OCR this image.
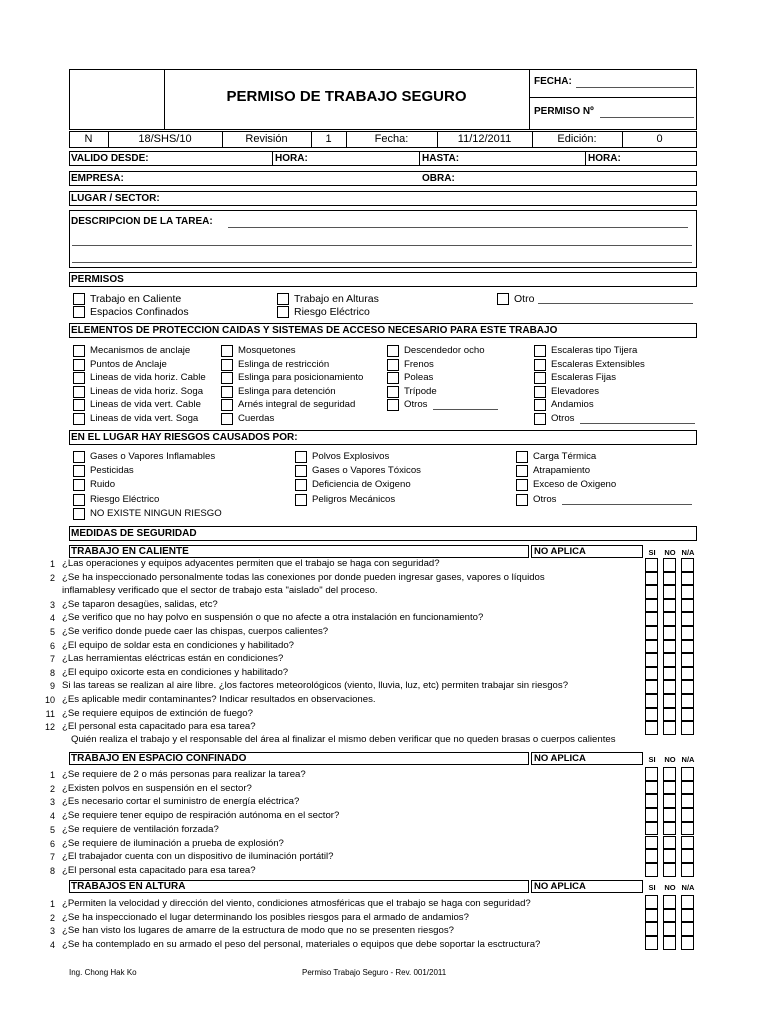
PERMISO DE TRABAJO SEGURO
FECHA:
PERMISO Nº
N	18/SHS/10	Revisión	1	Fecha:	11/12/2011	Edición:	0
VALIDO DESDE:	HORA:	HASTA:	HORA:
EMPRESA:	OBRA:
LUGAR / SECTOR:
DESCRIPCION DE LA TAREA:
PERMISOS
Trabajo en Caliente
Espacios Confinados
Trabajo en Alturas
Riesgo Eléctrico
Otro
ELEMENTOS DE PROTECCION CAIDAS Y SISTEMAS DE ACCESO NECESARIO PARA ESTE TRABAJO
EN EL LUGAR HAY RIESGOS CAUSADOS POR:
MEDIDAS DE SEGURIDAD
Ing. Chong Hak Ko	Permiso Trabajo Seguro - Rev. 001/2011
Mecanismos de anclaje
Puntos de Anclaje
Lineas de vida horiz. Cable
Lineas de vida horiz. Soga
Lineas de vida vert. Cable
Lineas de vida vert. Soga
Mosquetones
Eslinga de restricción
Eslinga para posicionamiento
Eslinga para detención
Arnés integral de seguridad
Cuerdas
Descendedor ocho
Frenos
Poleas
Trípode
Otros
Escaleras tipo Tijera
Escaleras Extensibles
Escaleras Fijas
Elevadores
Andamios
Otros
Gases o Vapores Inflamables
Pesticidas
Ruido
Riesgo Eléctrico
NO EXISTE NINGUN RIESGO
Polvos Explosivos
Gases o Vapores Tóxicos
Deficiencia de Oxigeno
Peligros Mecánicos
Carga Térmica
Atrapamiento
Exceso de Oxigeno
Otros
TRABAJO EN CALIENTE	NO APLICA	SI	NO N/A
1 ¿Las operaciones y equipos adyacentes permiten que el trabajo se haga con seguridad?
2 ¿Se ha inspeccionado personalmente todas las conexiones por donde pueden ingresar gases, vapores o líquidos
inflamablesy verificado que el sector de trabajo esta "aislado" del proceso.
3 ¿Se taparon desagües, salidas, etc?
4 ¿Se verifico que no hay polvo en suspensión o que no afecte a otra instalación en funcionamiento?
5 ¿Se verifico donde puede caer las chispas, cuerpos calientes?
6 ¿El equipo de soldar esta en condiciones y habilitado?
7 ¿Las herramientas eléctricas están en condiciones?
8 ¿El equipo oxicorte esta en condiciones y habilitado?
9 Si las tareas se realizan al aire libre. ¿los factores meteorológicos (viento, lluvia, luz, etc) permiten trabajar sin riesgos?
10 ¿Es aplicable medir contaminantes? Indicar resultados en observaciones.
11 ¿Se requiere equipos de extinción de fuego?
12 ¿El personal esta capacitado para esa tarea?
Quién realiza el trabajo y el responsable del área al finalizar el mismo deben verificar que no queden brasas o cuerpos calientes
TRABAJO EN ESPACIO CONFINADO	NO APLICA	SI	NO N/A
1 ¿Se requiere de 2 o más personas para realizar la tarea?
2 ¿Existen polvos en suspensión en el sector?
3 ¿Es necesario cortar el suministro de energía eléctrica?
4 ¿Se requiere tener equipo de respiración autónoma en el sector?
5 ¿Se requiere de ventilación forzada?
6 ¿Se requiere de iluminación a prueba de explosión?
7 ¿El trabajador cuenta con un dispositivo de iluminación portátil?
8 ¿El personal esta capacitado para esa tarea?
TRABAJOS EN ALTURA	NO APLICA	SI	NO N/A
1 ¿Permiten la velocidad y dirección del viento, condiciones atmosféricas que el trabajo se haga con seguridad?
2 ¿Se ha inspeccionado el lugar determinando los posibles riesgos para el armado de andamios?
3 ¿Se han visto los lugares de amarre de la estructura de modo que no se presenten riesgos?
4 ¿Se ha contemplado en su armado el peso del personal, materiales o equipos que debe soportar la esctructura?
